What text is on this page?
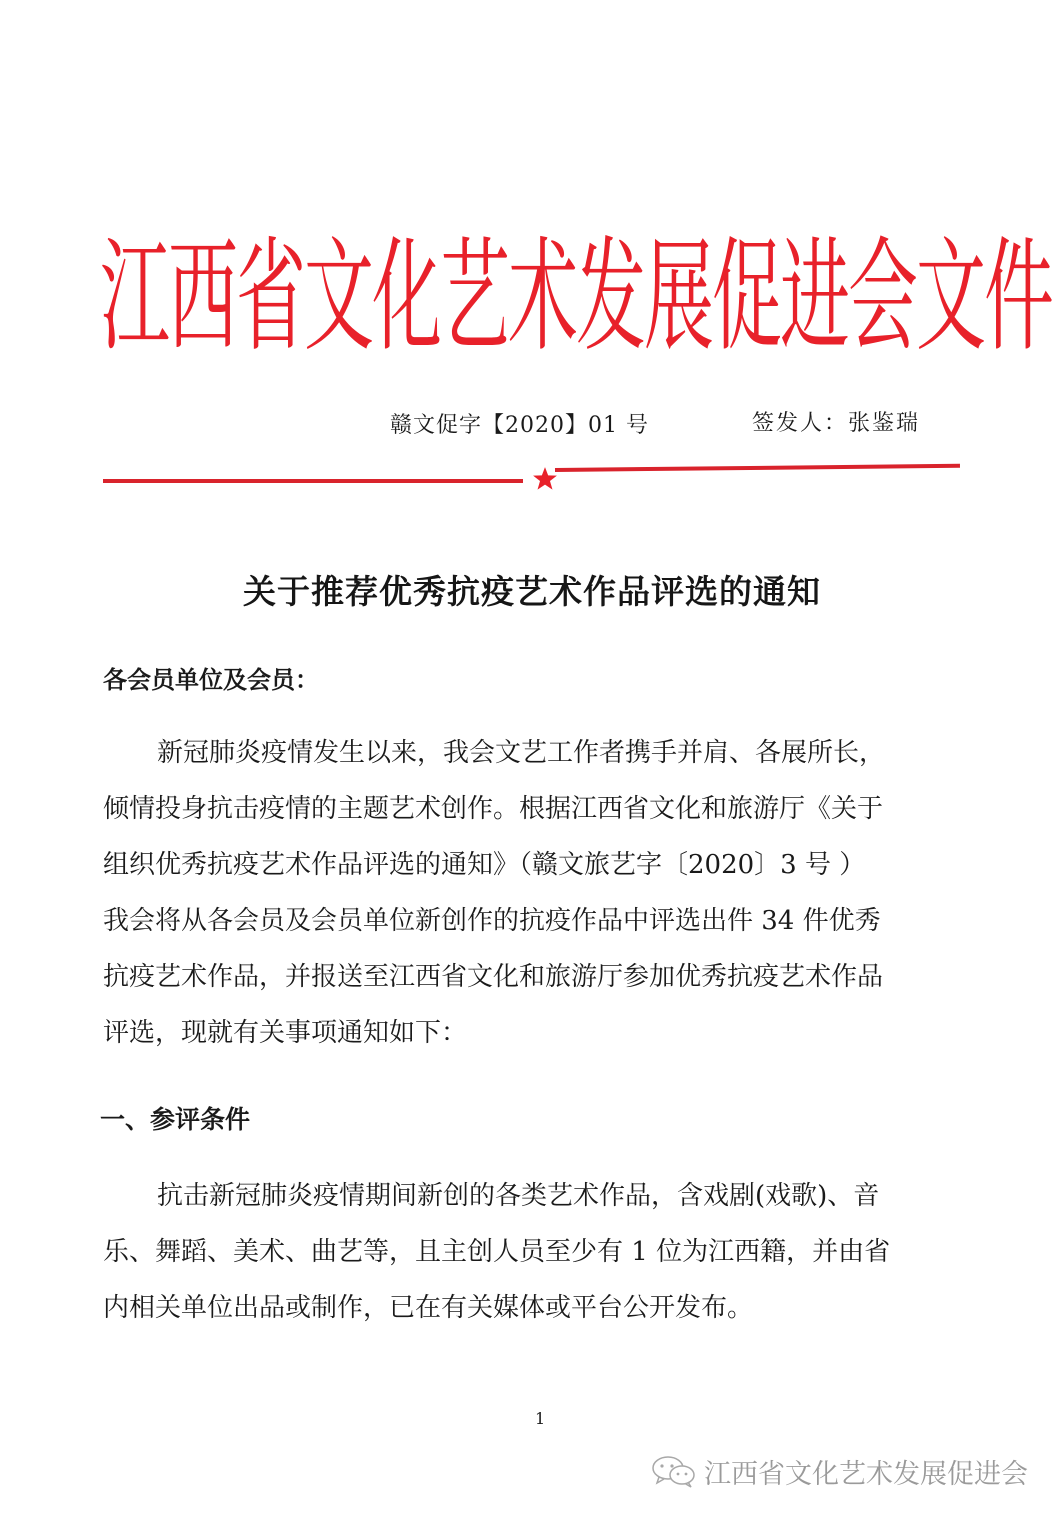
江西省文化艺术发展促进会文件
赣文促字【2020】01 号	签发人：张鉴瑞
关于推荐优秀抗疫艺术作品评选的通知
各会员单位及会员：
新冠肺炎疫情发生以来，我会文艺工作者携手并肩、各展所长，
倾情投身抗击疫情的主题艺术创作。根据江西省文化和旅游厅《关于
组织优秀抗疫艺术作品评选的通知》（赣文旅艺字〔2020〕3 号 ）
我会将从各会员及会员单位新创作的抗疫作品中评选出件 34 件优秀
抗疫艺术作品，并报送至江西省文化和旅游厅参加优秀抗疫艺术作品
评选，现就有关事项通知如下：
一、参评条件
抗击新冠肺炎疫情期间新创的各类艺术作品，含戏剧(戏歌)、音
乐、舞蹈、美术、曲艺等，且主创人员至少有 1 位为江西籍，并由省
内相关单位出品或制作，已在有关媒体或平台公开发布。
1
江西省文化艺术发展促进会
